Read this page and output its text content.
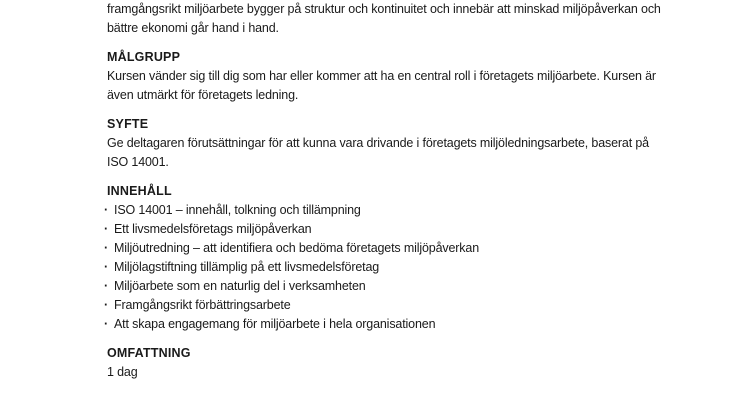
framgångsrikt miljöarbete bygger på struktur och kontinuitet och innebär att minskad miljöpåverkan och

bättre ekonomi går hand i hand.

MÅLGRUPP

Kursen vänder sig till dig som har eller kommer att ha en central roll i företagets miljöarbete. Kursen är

även utmärkt för företagets ledning.

SYFTE

Ge deltagaren förutsättningar för att kunna vara drivande i företagets miljöledningsarbete, baserat på

ISO 14001.

INNEHÅLL
· ISO 14001 – innehåll, tolkning och tillämpning
· Ett livsmedelsföretags miljöpåverkan
· Miljöutredning – att identifiera och bedöma företagets miljöpåverkan
· Miljölagstiftning tillämplig på ett livsmedelsföretag
· Miljöarbete som en naturlig del i verksamheten
· Framgångsrikt förbättringsarbete
· Att skapa engagemang för miljöarbete i hela organisationen
OMFATTNING

1 dag
